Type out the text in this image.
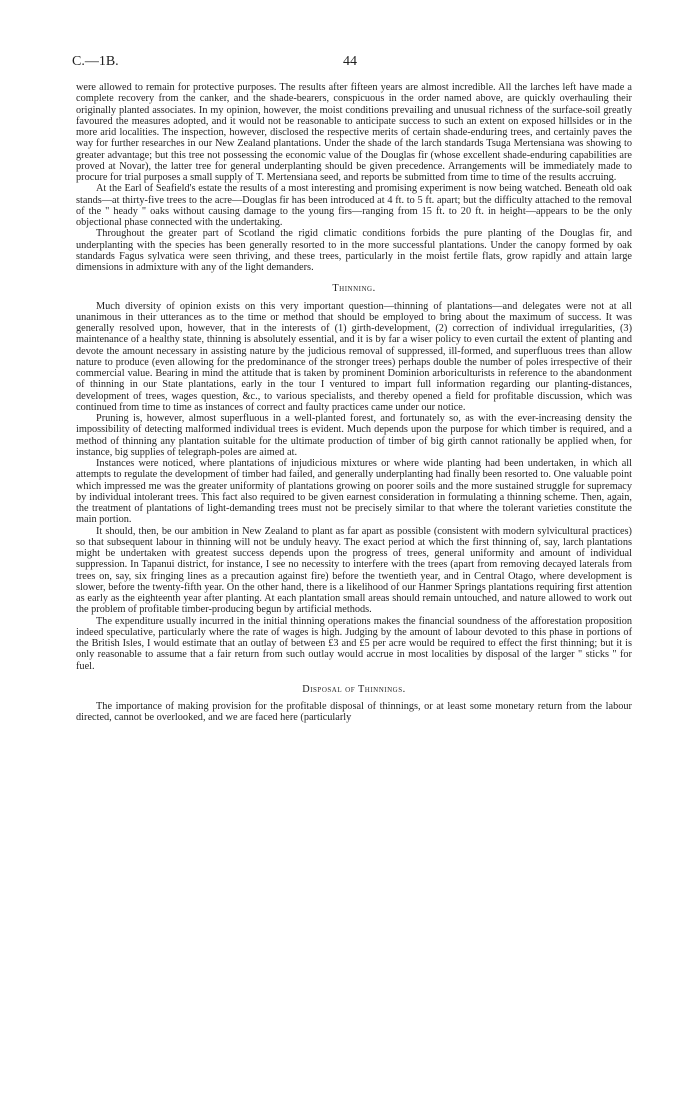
C.—1B.	44

were allowed to remain for protective purposes. The results after fifteen years are almost incredible. All the larches left have made a complete recovery from the canker, and the shade-bearers, conspicuous in the order named above, are quickly overhauling their originally planted associates. In my opinion, however, the moist conditions prevailing and unusual richness of the surface-soil greatly favoured the measures adopted, and it would not be reasonable to anticipate success to such an extent on exposed hillsides or in the more arid localities. The inspection, however, disclosed the respective merits of certain shade-enduring trees, and certainly paves the way for further researches in our New Zealand plantations. Under the shade of the larch standards Tsuga Mertensiana was showing to greater advantage; but this tree not possessing the economic value of the Douglas fir (whose excellent shade-enduring capabilities are proved at Novar), the latter tree for general underplanting should be given precedence. Arrangements will be immediately made to procure for trial purposes a small supply of T. Mertensiana seed, and reports be submitted from time to time of the results accruing.

At the Earl of Seafield's estate the results of a most interesting and promising experiment is now being watched. Beneath old oak stands—at thirty-five trees to the acre—Douglas fir has been introduced at 4 ft. to 5 ft. apart; but the difficulty attached to the removal of the " heady " oaks without causing damage to the young firs—ranging from 15 ft. to 20 ft. in height—appears to be the only objectional phase connected with the undertaking.

Throughout the greater part of Scotland the rigid climatic conditions forbids the pure planting of the Douglas fir, and underplanting with the species has been generally resorted to in the more successful plantations. Under the canopy formed by oak standards Fagus sylvatica were seen thriving, and these trees, particularly in the moist fertile flats, grow rapidly and attain large dimensions in admixture with any of the light demanders.

Thinning.

Much diversity of opinion exists on this very important question—thinning of plantations—and delegates were not at all unanimous in their utterances as to the time or method that should be employed to bring about the maximum of success. It was generally resolved upon, however, that in the interests of (1) girth-development, (2) correction of individual irregularities, (3) maintenance of a healthy state, thinning is absolutely essential, and it is by far a wiser policy to even curtail the extent of planting and devote the amount necessary in assisting nature by the judicious removal of suppressed, ill-formed, and superfluous trees than allow nature to produce (even allowing for the predominance of the stronger trees) perhaps double the number of poles irrespective of their commercial value. Bearing in mind the attitude that is taken by prominent Dominion arboriculturists in reference to the abandonment of thinning in our State plantations, early in the tour I ventured to impart full information regarding our planting-distances, development of trees, wages question, &c., to various specialists, and thereby opened a field for profitable discussion, which was continued from time to time as instances of correct and faulty practices came under our notice.

Pruning is, however, almost superfluous in a well-planted forest, and fortunately so, as with the ever-increasing density the impossibility of detecting malformed individual trees is evident. Much depends upon the purpose for which timber is required, and a method of thinning any plantation suitable for the ultimate production of timber of big girth cannot rationally be applied when, for instance, big supplies of telegraph-poles are aimed at.

Instances were noticed, where plantations of injudicious mixtures or where wide planting had been undertaken, in which all attempts to regulate the development of timber had failed, and generally underplanting had finally been resorted to. One valuable point which impressed me was the greater uniformity of plantations growing on poorer soils and the more sustained struggle for supremacy by individual intolerant trees. This fact also required to be given earnest consideration in formulating a thinning scheme. Then, again, the treatment of plantations of light-demanding trees must not be precisely similar to that where the tolerant varieties constitute the main portion.

It should, then, be our ambition in New Zealand to plant as far apart as possible (consistent with modern sylvicultural practices) so that subsequent labour in thinning will not be unduly heavy. The exact period at which the first thinning of, say, larch plantations might be undertaken with greatest success depends upon the progress of trees, general uniformity and amount of individual suppression. In Tapanui district, for instance, I see no necessity to interfere with the trees (apart from removing decayed laterals from trees on, say, six fringing lines as a precaution against fire) before the twentieth year, and in Central Otago, where development is slower, before the twenty-fifth year. On the other hand, there is a likelihood of our Hanmer Springs plantations requiring first attention as early as the eighteenth year after planting. At each plantation small areas should remain untouched, and nature allowed to work out the problem of profitable timber-producing begun by artificial methods.

The expenditure usually incurred in the initial thinning operations makes the financial soundness of the afforestation proposition indeed speculative, particularly where the rate of wages is high. Judging by the amount of labour devoted to this phase in portions of the British Isles, I would estimate that an outlay of between £3 and £5 per acre would be required to effect the first thinning; but it is only reasonable to assume that a fair return from such outlay would accrue in most localities by disposal of the larger " sticks " for fuel.

Disposal of Thinnings.

The importance of making provision for the profitable disposal of thinnings, or at least some monetary return from the labour directed, cannot be overlooked, and we are faced here (particularly
